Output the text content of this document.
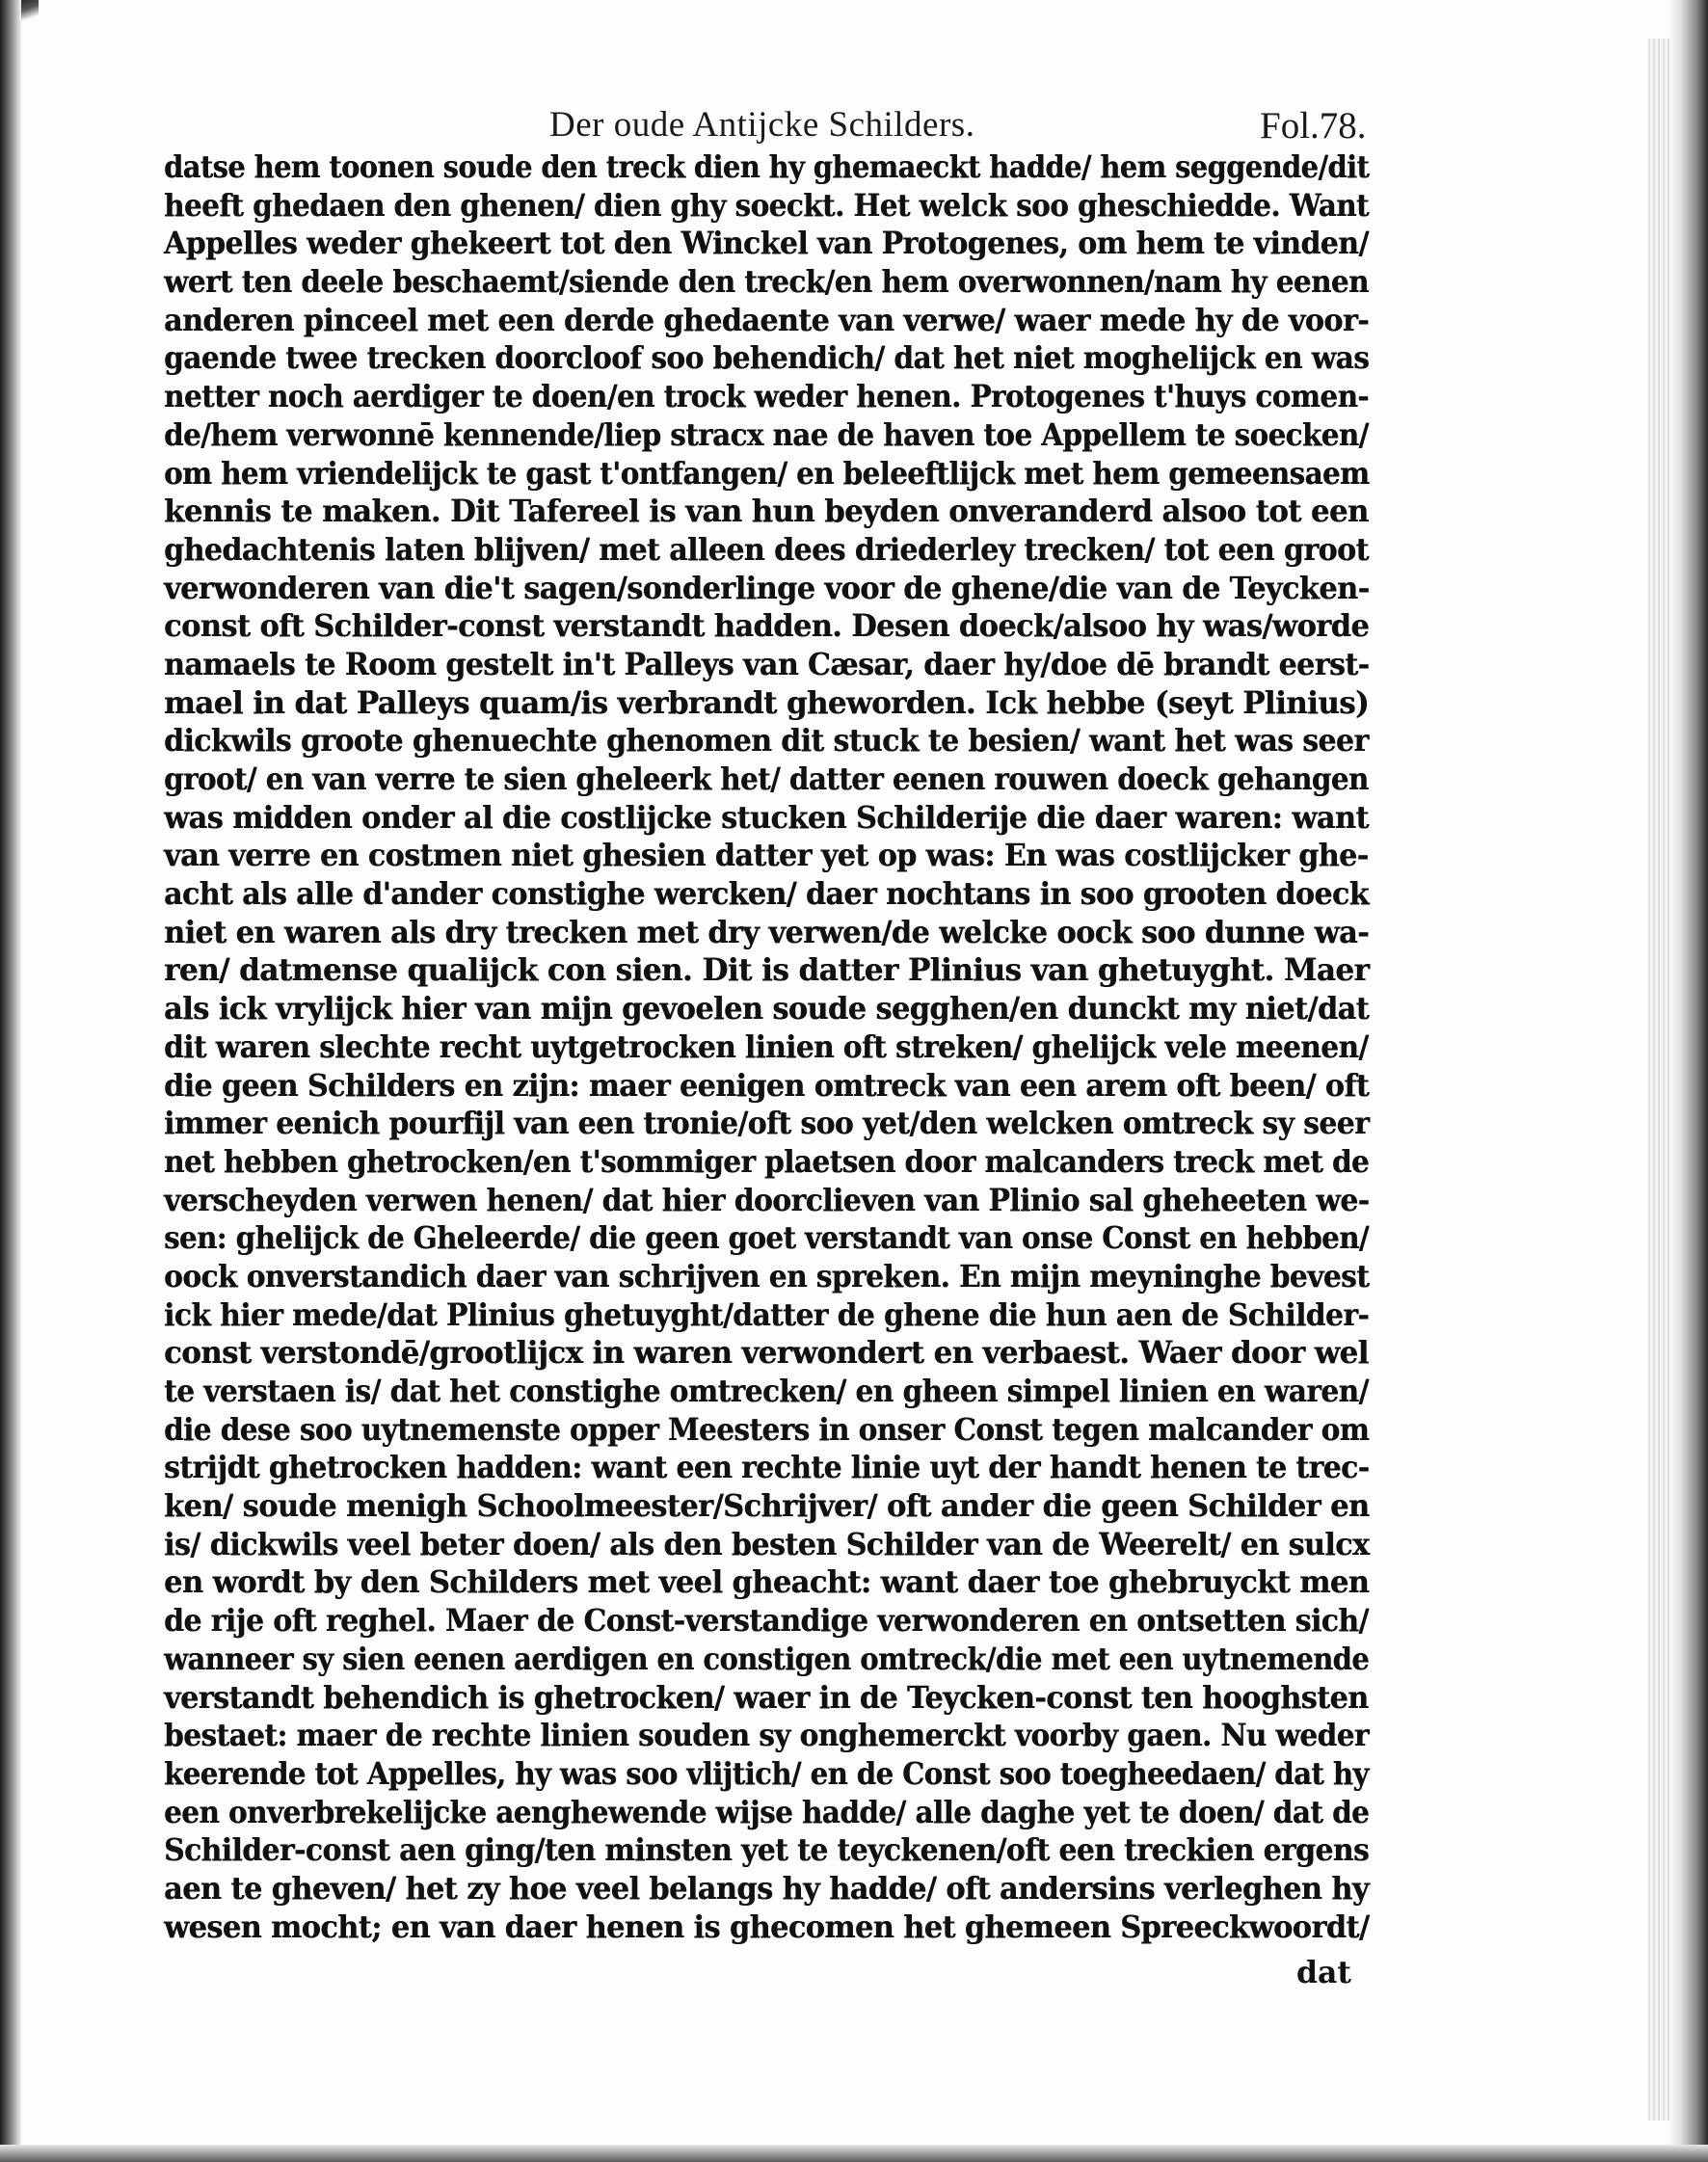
Der oude Antijcke Schilders.	Fol.78.
datse hem toonen soude den treck dien hy ghemaeckt hadde/ hem seggende/dit
heeft ghedaen den ghenen/ dien ghy soeckt. Het welck soo gheschiedde. Want
Appelles weder ghekeert tot den Winckel van Protogenes, om hem te vinden/
wert ten deele beschaemt/siende den treck/en hem overwonnen/nam hy eenen
anderen pinceel met een derde ghedaente van verwe/ waer mede hy de voor-
gaende twee trecken doorcloof soo behendich/ dat het niet moghelijck en was
netter noch aerdiger te doen/en trock weder henen. Protogenes t'huys comen-
de/hem verwonnē kennende/liep stracx nae de haven toe Appellem te soecken/
om hem vriendelijck te gast t'ontfangen/ en beleeftlijck met hem gemeensaem
kennis te maken. Dit Tafereel is van hun beyden onveranderd alsoo tot een
ghedachtenis laten blijven/ met alleen dees driederley trecken/ tot een groot
verwonderen van die't sagen/sonderlinge voor de ghene/die van de Teycken-
const oft Schilder-const verstandt hadden. Desen doeck/alsoo hy was/worde
namaels te Room gestelt in't Palleys van Cæsar, daer hy/doe dē brandt eerst-
mael in dat Palleys quam/is verbrandt gheworden. Ick hebbe (seyt Plinius)
dickwils groote ghenuechte ghenomen dit stuck te besien/ want het was seer
groot/ en van verre te sien gheleerk het/ datter eenen rouwen doeck gehangen
was midden onder al die costlijcke stucken Schilderije die daer waren: want
van verre en costmen niet ghesien datter yet op was: En was costlijcker ghe-
acht als alle d'ander constighe wercken/ daer nochtans in soo grooten doeck
niet en waren als dry trecken met dry verwen/de welcke oock soo dunne wa-
ren/ datmense qualijck con sien. Dit is datter Plinius van ghetuyght. Maer
als ick vrylijck hier van mijn gevoelen soude segghen/en dunckt my niet/dat
dit waren slechte recht uytgetrocken linien oft streken/ ghelijck vele meenen/
die geen Schilders en zijn: maer eenigen omtreck van een arem oft been/ oft
immer eenich pourfijl van een tronie/oft soo yet/den welcken omtreck sy seer
net hebben ghetrocken/en t'sommiger plaetsen door malcanders treck met de
verscheyden verwen henen/ dat hier doorclieven van Plinio sal gheheeten we-
sen: ghelijck de Gheleerde/ die geen goet verstandt van onse Const en hebben/
oock onverstandich daer van schrijven en spreken. En mijn meyninghe bevest
ick hier mede/dat Plinius ghetuyght/datter de ghene die hun aen de Schilder-
const verstondē/grootlijcx in waren verwondert en verbaest. Waer door wel
te verstaen is/ dat het constighe omtrecken/ en gheen simpel linien en waren/
die dese soo uytnemenste opper Meesters in onser Const tegen malcander om
strijdt ghetrocken hadden: want een rechte linie uyt der handt henen te trec-
ken/ soude menigh Schoolmeester/Schrijver/ oft ander die geen Schilder en
is/ dickwils veel beter doen/ als den besten Schilder van de Weerelt/ en sulcx
en wordt by den Schilders met veel gheacht: want daer toe ghebruyckt men
de rije oft reghel. Maer de Const-verstandige verwonderen en ontsetten sich/
wanneer sy sien eenen aerdigen en constigen omtreck/die met een uytnemende
verstandt behendich is ghetrocken/ waer in de Teycken-const ten hooghsten
bestaet: maer de rechte linien souden sy onghemerckt voorby gaen. Nu weder
keerende tot Appelles, hy was soo vlijtich/ en de Const soo toegheedaen/ dat hy
een onverbrekelijcke aenghewende wijse hadde/ alle daghe yet te doen/ dat de
Schilder-const aen ging/ten minsten yet te teyckenen/oft een treckien ergens
aen te gheven/ het zy hoe veel belangs hy hadde/ oft andersins verleghen hy
wesen mocht; en van daer henen is ghecomen het ghemeen Spreeckwoordt/
dat
